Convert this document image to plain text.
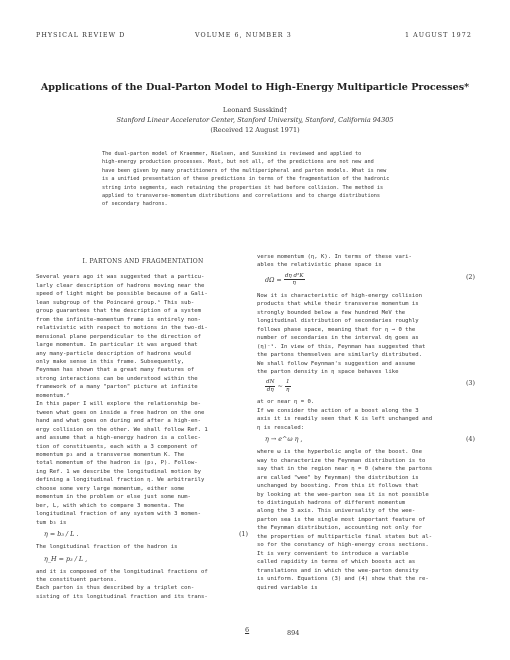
PHYSICAL REVIEW D	VOLUME 6, NUMBER 3	1 AUGUST 1972
Applications of the Dual-Parton Model to High-Energy Multiparticle Processes*
Leonard Susskind†
Stanford Linear Accelerator Center, Stanford University, Stanford, California 94305
(Received 12 August 1971)
The dual-parton model of Kraemmer, Nielsen, and Susskind is reviewed and applied to
high-energy production processes. Most, but not all, of the predictions are not new and
have been given by many practitioners of the multiperipheral and parton models. What is new
is a unified presentation of these predictions in terms of the fragmentation of the hadronic
string into segments, each retaining the properties it had before collision. The method is
applied to transverse-momentum distributions and correlations and to charge distributions
of secondary hadrons.
I. PARTONS AND FRAGMENTATION
Several years ago it was suggested that a particu-
larly clear description of hadrons moving near the
speed of light might be possible because of a Gali-
lean subgroup of the Poincaré group.¹ This sub-
group guarantees that the description of a system
from the infinite-momentum frame is entirely non-
relativistic with respect to motions in the two-di-
mensional plane perpendicular to the direction of
large momentum. In particular it was argued that
any many-particle description of hadrons would
only make sense in this frame. Subsequently,
Feynman has shown that a great many features of
strong interactions can be understood within the
framework of a many "parton" picture at infinite
momentum.²
In this paper I will explore the relationship be-
tween what goes on inside a free hadron on the one
hand and what goes on during and after a high-en-
ergy collision on the other. We shall follow Ref. 1
and assume that a high-energy hadron is a collec-
tion of constituents, each with a 3 component of
momentum p₃ and a transverse momentum K. The
total momentum of the hadron is (p₃, P). Follow-
ing Ref. 1 we describe the longitudinal motion by
defining a longitudinal fraction η. We arbitrarily
choose some very large momentum, either some
momentum in the problem or else just some num-
ber, L, with which to compare 3 momenta. The
longitudinal fraction of any system with 3 momen-
tum b₃ is
η = b₃ / L .	(1)
The longitudinal fraction of the hadron is
η_H = p₃ / L ,
and it is composed of the longitudinal fractions of
the constituent partons.
Each parton is thus described by a triplet con-
sisting of its longitudinal fraction and its trans-
verse momentum (η, K). In terms of these vari-
ables the relativistic phase space is
$d\Omega = \frac{\text{dη d²K}}{\eta}$	(2)
Now it is characteristic of high-energy collision
products that while their transverse momentum is
strongly bounded below a few hundred MeV the
longitudinal distribution of secondaries roughly
follows phase space, meaning that for η → 0 the
number of secondaries in the interval dη goes as
(η)⁻¹. In view of this, Feynman has suggested that
the partons themselves are similarly distributed.
We shall follow Feynman's suggestion and assume
the parton density in η space behaves like
$\frac{dN}{d\eta}$ ~ $\frac{1}{\eta}$	(3)
at or near η = 0.
If we consider the action of a boost along the 3
axis it is readily seen that K is left unchanged and
η is rescaled:
η → e^ω η ,	(4)
where ω is the hyperbolic angle of the boost. One
way to characterize the Feynman distribution is to
say that in the region near η = 0 (where the partons
are called "wee" by Feynman) the distribution is
unchanged by boosting. From this it follows that
by looking at the wee-parton sea it is not possible
to distinguish hadrons of different momentum
along the 3 axis. This universality of the wee-
parton sea is the single most important feature of
the Feynman distribution, accounting not only for
the properties of multiparticle final states but al-
so for the constancy of high-energy cross sections.
It is very convenient to introduce a variable
called rapidity in terms of which boosts act as
translations and in which the wee-parton density
is uniform. Equations (3) and (4) show that the re-
quired variable is
6	894
